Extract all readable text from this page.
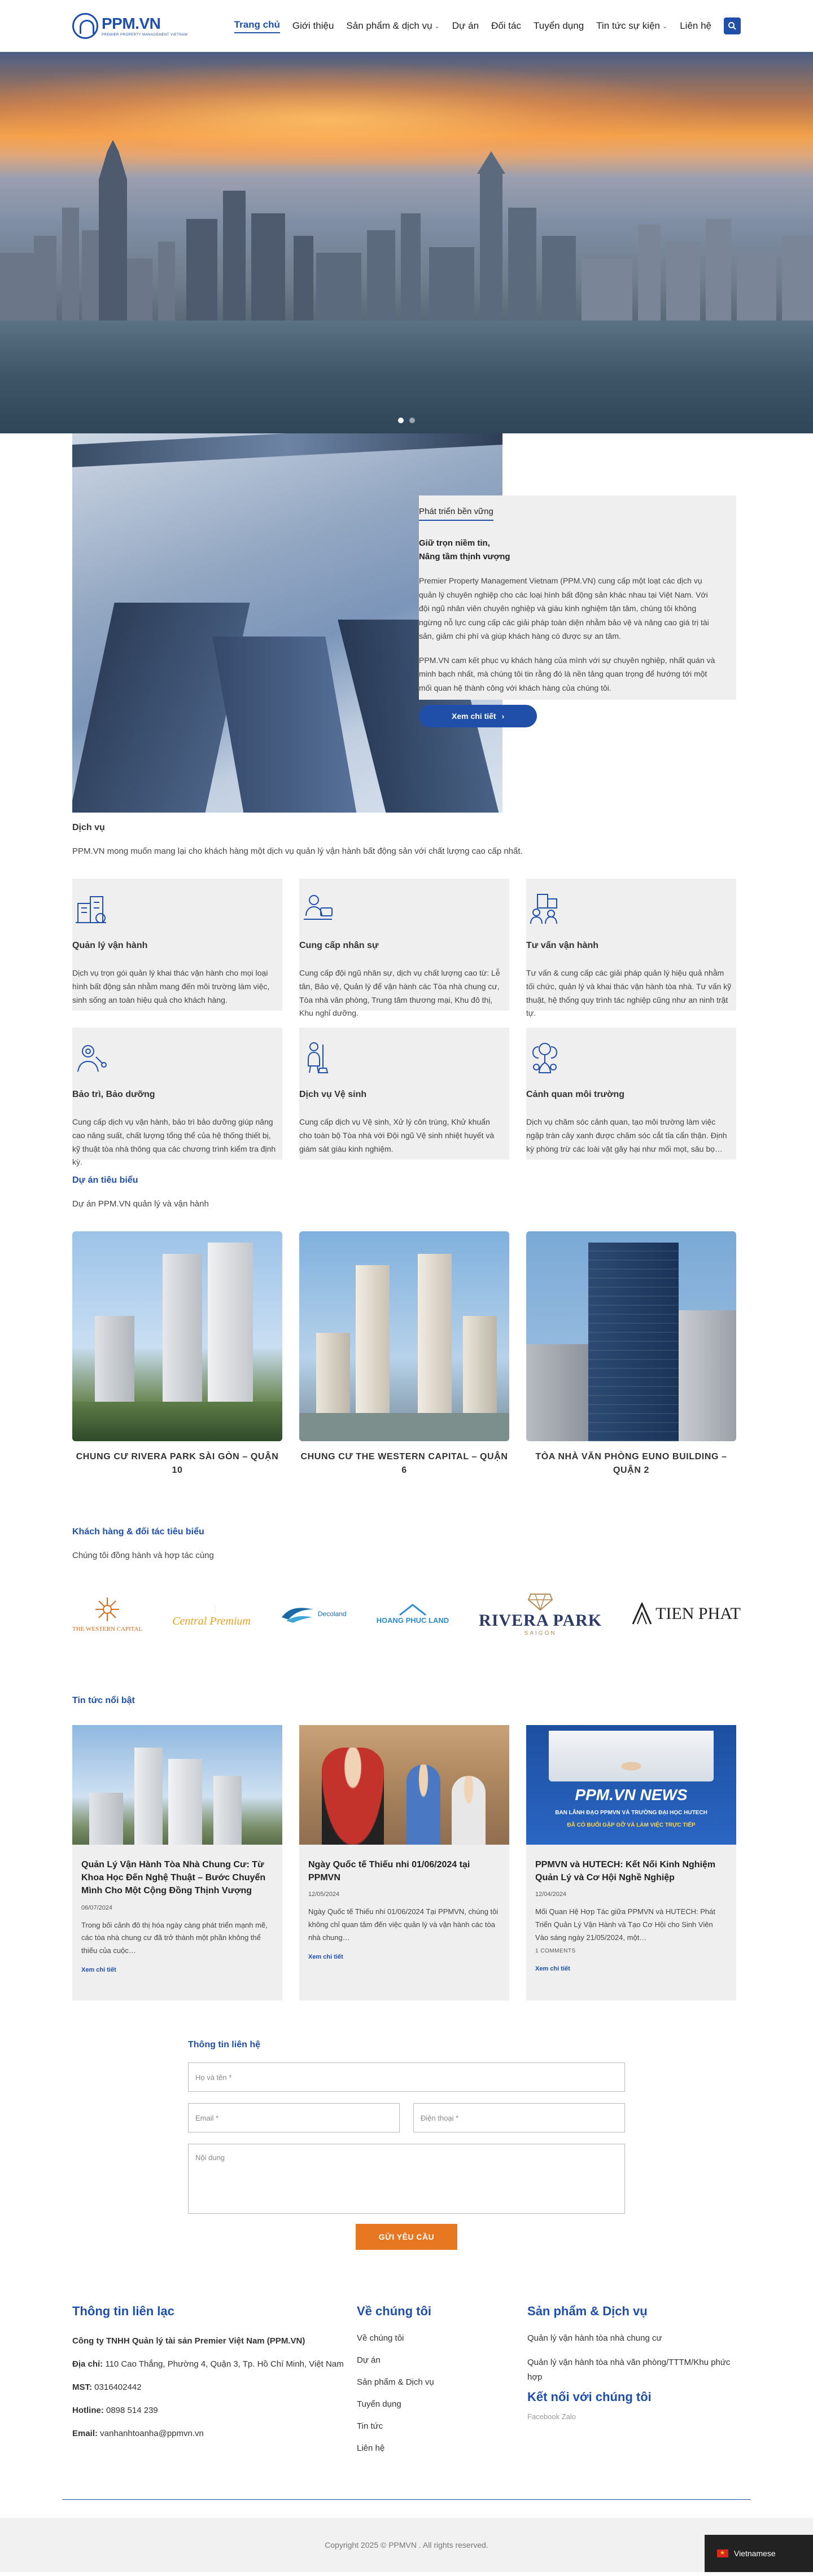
PPM.VN
PREMIER PROPERTY MANAGEMENT VIETNAM
Trang chủ Giới thiệu Sản phẩm & dịch vụ ⌄ Dự án Đối tác Tuyển dụng Tin tức sự kiện ⌄ Liên hệ
Phát triển bền vững
Giữ trọn niềm tin,
Nâng tầm thịnh vượng

Premier Property Management Vietnam (PPM.VN) cung cấp một loạt các dịch vụ quản lý chuyên nghiệp cho các loại hình bất động sản khác nhau tại Việt Nam. Với đội ngũ nhân viên chuyên nghiệp và giàu kinh nghiệm tận tâm, chúng tôi không ngừng nỗ lực cung cấp các giải pháp toàn diện nhằm bảo vệ và nâng cao giá trị tài sản, giảm chi phí và giúp khách hàng có được sự an tâm.

PPM.VN cam kết phục vụ khách hàng của mình với sự chuyên nghiệp, nhất quán và minh bạch nhất, mà chúng tôi tin rằng đó là nền tảng quan trọng để hướng tới một mối quan hệ thành công với khách hàng của chúng tôi.

Xem chi tiết ›
Dịch vụ

PPM.VN mong muốn mang lại cho khách hàng một dịch vụ quản lý vận hành bất động sản với chất lượng cao cấp nhất.

Quản lý vận hành
Dịch vụ trọn gói quản lý khai thác vận hành cho mọi loại hình bất động sản nhằm mang đến môi trường làm việc, sinh sống an toàn hiệu quả cho khách hàng.
Cung cấp nhân sự
Cung cấp đội ngũ nhân sự, dịch vụ chất lượng cao từ: Lễ tân, Bảo vệ, Quản lý để vận hành các Tòa nhà chung cư, Tòa nhà văn phòng, Trung tâm thương mại, Khu đô thị, Khu nghỉ dưỡng.
Tư vấn vận hành
Tư vấn & cung cấp các giải pháp quản lý hiệu quả nhằm tối chức, quản lý và khai thác vận hành tòa nhà. Tư vấn kỹ thuật, hệ thống quy trình tác nghiệp cũng như an ninh trật tự.
Bảo trì, Bảo dưỡng
Cung cấp dịch vụ vận hành, bảo trì bảo dưỡng giúp nâng cao năng suất, chất lượng tổng thể của hệ thống thiết bị, kỹ thuật tòa nhà thông qua các chương trình kiểm tra định kỳ.
Dịch vụ Vệ sinh
Cung cấp dịch vụ Vệ sinh, Xử lý côn trùng, Khử khuẩn cho toàn bộ Tòa nhà với Đội ngũ Vệ sinh nhiệt huyết và giám sát giàu kinh nghiệm.
Cảnh quan môi trường
Dịch vụ chăm sóc cảnh quan, tạo môi trường làm việc ngập tràn cây xanh được chăm sóc cắt tỉa cẩn thận. Định kỳ phòng trừ các loài vật gây hại như mối mọt, sâu bọ…
Dự án tiêu biểu

Dự án PPM.VN quản lý và vận hành

CHUNG CƯ RIVERA PARK SÀI GÒN – QUẬN 10
CHUNG CƯ THE WESTERN CAPITAL – QUẬN 6
TÒA NHÀ VĂN PHÒNG EUNO BUILDING – QUẬN 2
Khách hàng & đối tác tiêu biểu

Chúng tôi đồng hành và hợp tác cùng

THE WESTERN CAPITAL
Central Premium
Decoland
HOANG PHUC LAND RIVERA PARK
SAIGON
TIEN PHAT
Tin tức nổi bật
Quản Lý Vận Hành Tòa Nhà Chung Cư: Từ Khoa Học Đến Nghệ Thuật – Bước Chuyển Mình Cho Một Cộng Đồng Thịnh Vượng
06/07/2024
Trong bối cảnh đô thị hóa ngày càng phát triển mạnh mẽ, các tòa nhà chung cư đã trở thành một phần không thể thiếu của cuộc…
Xem chi tiết
Ngày Quốc tế Thiếu nhi 01/06/2024 tại PPMVN
12/05/2024
Ngày Quốc tế Thiếu nhi 01/06/2024 Tại PPMVN, chúng tôi không chỉ quan tâm đến việc quản lý và vận hành các tòa nhà chung…
Xem chi tiết
PPM.VN NEWS
BAN LÃNH ĐẠO PPMVN VÀ TRƯỜNG ĐẠI HỌC HUTECH
ĐÃ CÓ BUỔI GẶP GỠ VÀ LÀM VIỆC TRỰC TIẾP
PPMVN và HUTECH: Kết Nối Kinh Nghiệm Quản Lý và Cơ Hội Nghề Nghiệp
12/04/2024
Mối Quan Hệ Hợp Tác giữa PPMVN và HUTECH: Phát Triển Quản Lý Vận Hành và Tạo Cơ Hội cho Sinh Viên Vào sáng ngày 21/05/2024, một…
1 COMMENTS
Xem chi tiết
Thông tin liên hệ
Họ và tên *
Email *	Điện thoại *
Nội dung
GỬI YÊU CẦU
Thông tin liên lạc
Công ty TNHH Quản lý tài sản Premier Việt Nam (PPM.VN)
Địa chỉ: 110 Cao Thắng, Phường 4, Quận 3, Tp. Hồ Chí Minh, Việt Nam
MST: 0316402442
Hotline: 0898 514 239
Email: vanhanhtoanha@ppmvn.vn
Về chúng tôi
Về chúng tôi
Dự án
Sản phẩm & Dịch vụ
Tuyển dụng
Tin tức
Liên hệ
Sản phẩm & Dịch vụ
Quản lý vận hành tòa nhà chung cư
Quản lý vận hành tòa nhà văn phòng/TTTM/Khu phức hợp
Kết nối với chúng tôi
Facebook Zalo
Copyright 2025 © PPMVN . All rights reserved.
★
Vietnamese
